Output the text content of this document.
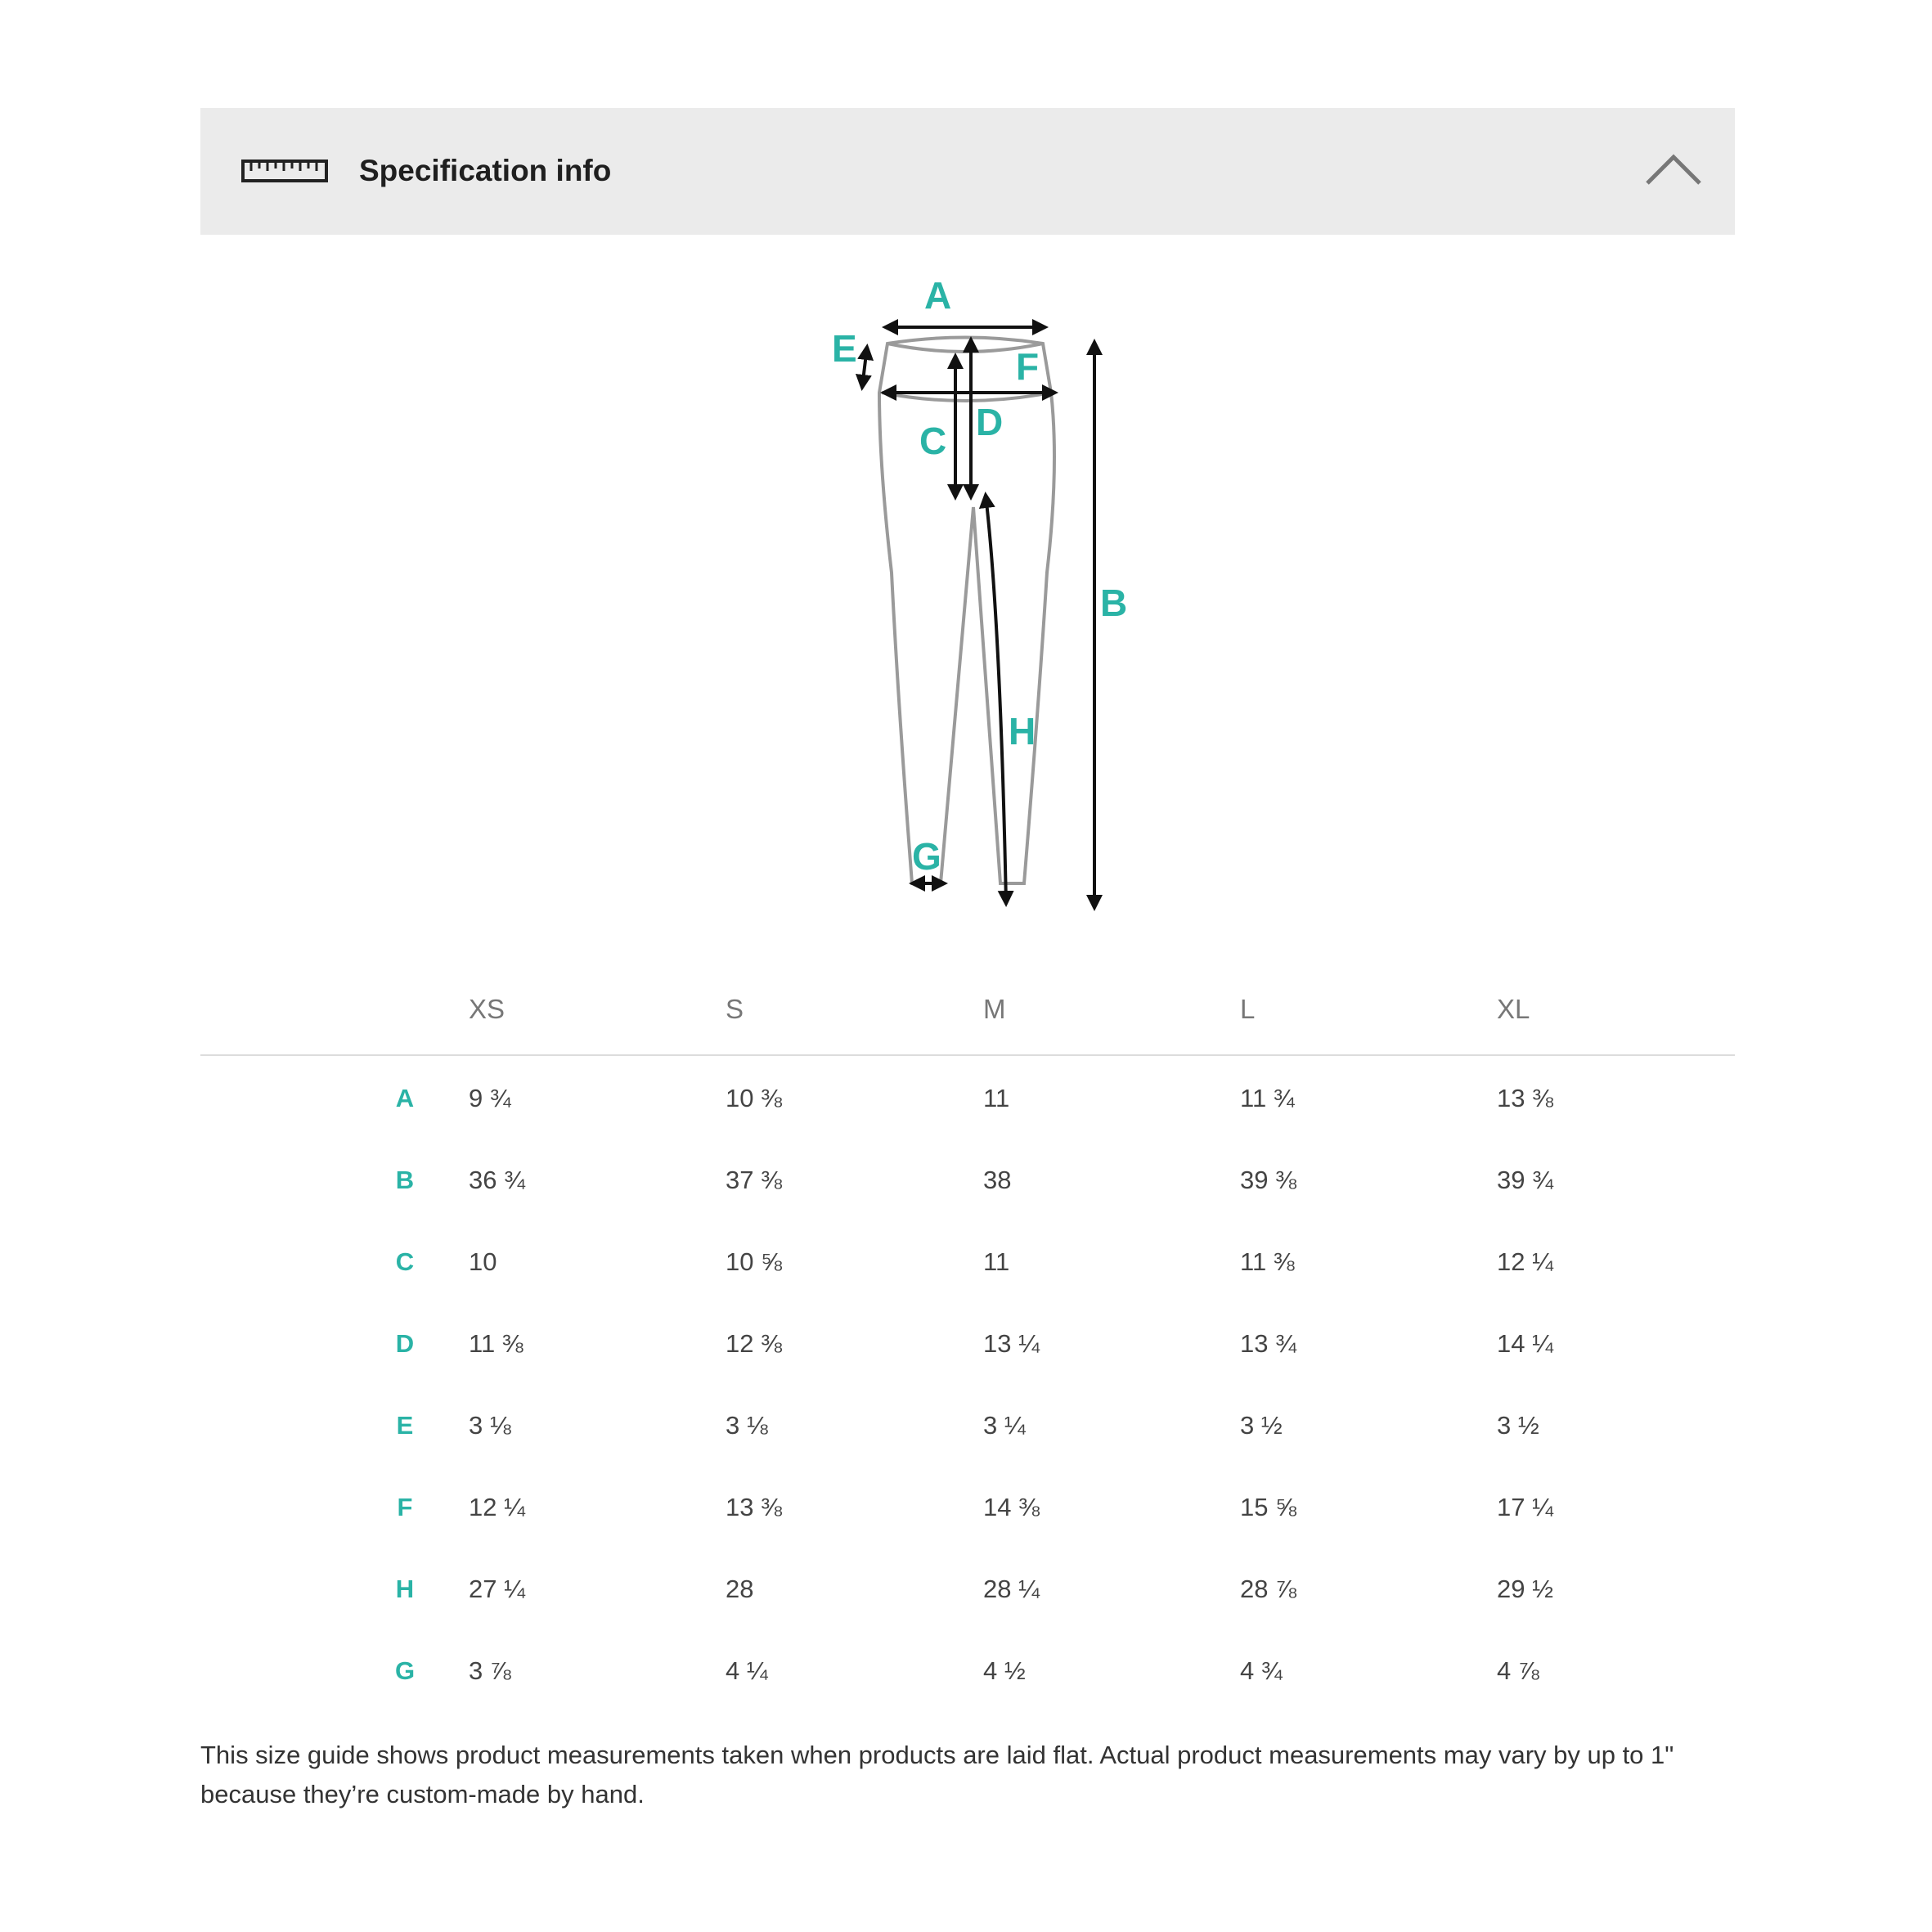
Specification info
A
B
C D
E	F
G
H
XS	S	M	L	XL
A	9 ¾	10 ⅜	11	11 ¾	13 ⅜
B	36 ¾	37 ⅜	38	39 ⅜	39 ¾
C	10	10 ⅝	11	11 ⅜	12 ¼
D	11 ⅜	12 ⅜	13 ¼	13 ¾	14 ¼
E	3 ⅛	3 ⅛	3 ¼	3 ½	3 ½
F	12 ¼	13 ⅜	14 ⅜	15 ⅝	17 ¼
H	27 ¼	28	28 ¼	28 ⅞	29 ½
G	3 ⅞	4 ¼	4 ½	4 ¾	4 ⅞
This size guide shows product measurements taken when products are laid flat. Actual product measurements may vary by up to 1" because they’re custom-made by hand.
